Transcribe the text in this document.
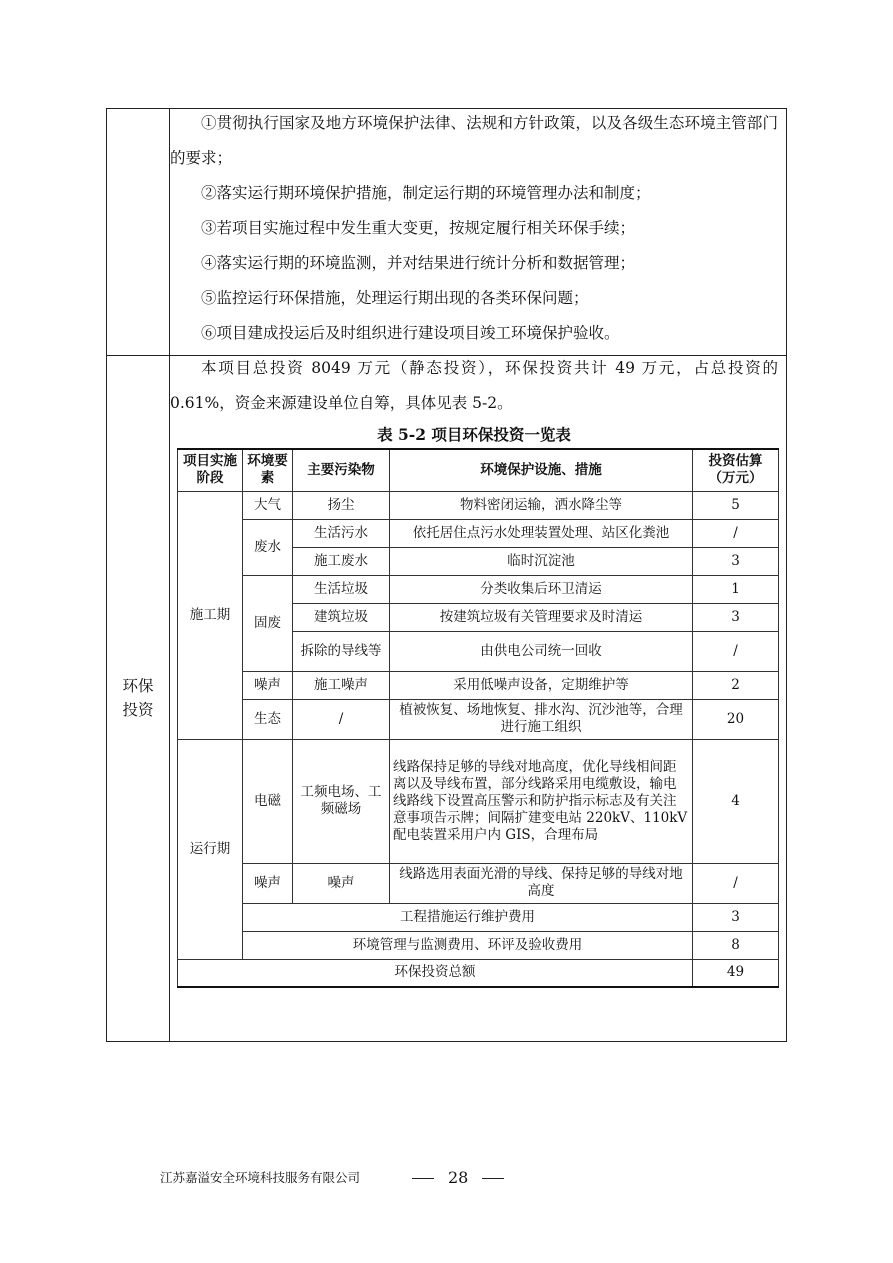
环保
投资

①贯彻执行国家及地方环境保护法律、法规和方针政策，以及各级生态环境主管部门的要求；

②落实运行期环境保护措施，制定运行期的环境管理办法和制度；

③若项目实施过程中发生重大变更，按规定履行相关环保手续；

④落实运行期的环境监测，并对结果进行统计分析和数据管理；

⑤监控运行环保措施，处理运行期出现的各类环保问题；

⑥项目建成投运后及时组织进行建设项目竣工环境保护验收。

本项目总投资 8049 万元（静态投资），环保投资共计 49 万元，占总投资的 0.61%，资金来源建设单位自筹，具体见表 5-2。

表 5-2 项目环保投资一览表
项目实施阶段	环境要素	主要污染物	环境保护设施、措施	投资估算（万元）
施工期	大气	扬尘	物料密闭运输，洒水降尘等	5
	废水	生活污水	依托居住点污水处理装置处理、站区化粪池	/
		施工废水	临时沉淀池	3
	固废	生活垃圾	分类收集后环卫清运	1
		建筑垃圾	按建筑垃圾有关管理要求及时清运	3
		拆除的导线等	由供电公司统一回收	/
	噪声	施工噪声	采用低噪声设备，定期维护等	2
	生态	/	植被恢复、场地恢复、排水沟、沉沙池等，合理进行施工组织	20

运行期	电磁	工频电场、工频磁场	线路保持足够的导线对地高度，优化导线相间距离以及导线布置，部分线路采用电缆敷设，输电线路线下设置高压警示和防护指示标志及有关注意事项告示牌；间隔扩建变电站 220kV、110kV 配电装置采用户内 GIS，合理布局	4
	噪声	噪声	线路选用表面光滑的导线、保持足够的导线对地高度	/
	工程措施运行维护费用			3
	环境管理与监测费用、环评及验收费用			8
环保投资总额				49
江苏嘉溢安全环境科技服务有限公司	28
